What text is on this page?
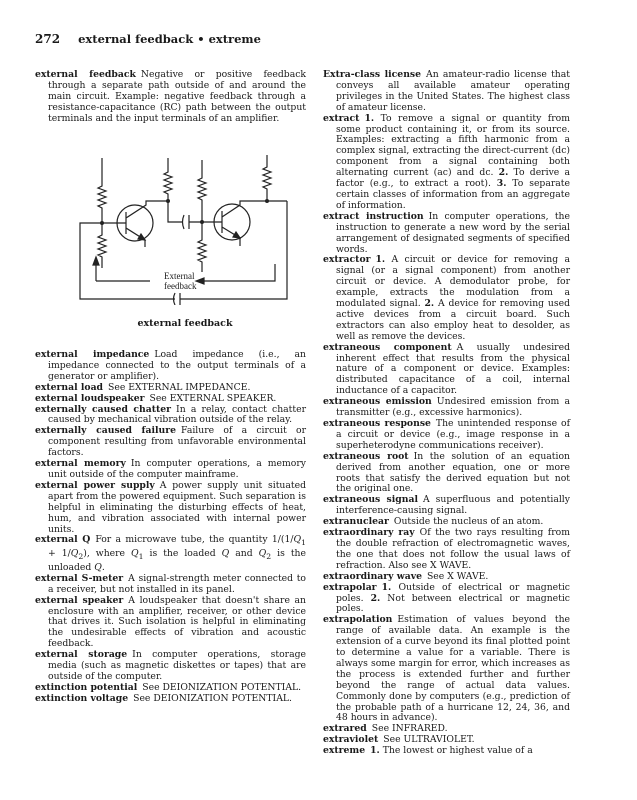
272 external feedback • extreme

external feedback Negative or positive feedback through a separate path outside of and around the main circuit. Example: negative feedback through a resistance-capacitance (RC) path between the output terminals and the input terminals of an amplifier.

External
feedback
external feedback

external impedance Load impedance (i.e., an impedance connected to the output terminals of a generator or amplifier).

external load See EXTERNAL IMPEDANCE.

external loudspeaker See EXTERNAL SPEAKER.

externally caused chatter In a relay, contact chatter caused by mechanical vibration outside of the relay.

externally caused failure Failure of a circuit or component resulting from unfavorable environmental factors.

external memory In computer operations, a memory unit outside of the computer mainframe.

external power supply A power supply unit situated apart from the powered equipment. Such separation is helpful in eliminating the disturbing effects of heat, hum, and vibration associated with internal power units.

external Q For a microwave tube, the quantity $1/(1/Q_1 + 1/Q_2)$, where $Q_1$ is the loaded Q and $Q_2$ is the unloaded Q.

external S-meter A signal-strength meter connected to a receiver, but not installed in its panel.

external speaker A loudspeaker that doesn't share an enclosure with an amplifier, receiver, or other device that drives it. Such isolation is helpful in eliminating the undesirable effects of vibration and acoustic feedback.

external storage In computer operations, storage media (such as magnetic diskettes or tapes) that are outside of the computer.

extinction potential See DEIONIZATION POTENTIAL.

extinction voltage See DEIONIZATION POTENTIAL.

Extra-class license An amateur-radio license that conveys all available amateur operating privileges in the United States. The highest class of amateur license.

extract 1. To remove a signal or quantity from some product containing it, or from its source. Examples: extracting a fifth harmonic from a complex signal, extracting the direct-current (dc) component from a signal containing both alternating current (ac) and dc. 2. To derive a factor (e.g., to extract a root). 3. To separate certain classes of information from an aggregate of information.

extract instruction In computer operations, the instruction to generate a new word by the serial arrangement of designated segments of specified words.

extractor 1. A circuit or device for removing a signal (or a signal component) from another circuit or device. A demodulator probe, for example, extracts the modulation from a modulated signal. 2. A device for removing used active devices from a circuit board. Such extractors can also employ heat to desolder, as well as remove the devices.

extraneous component A usually undesired inherent effect that results from the physical nature of a component or device. Examples: distributed capacitance of a coil, internal inductance of a capacitor.

extraneous emission Undesired emission from a transmitter (e.g., excessive harmonics).

extraneous response The unintended response of a circuit or device (e.g., image response in a superheterodyne communications receiver).

extraneous root In the solution of an equation derived from another equation, one or more roots that satisfy the derived equation but not the original one.

extraneous signal A superfluous and potentially interference-causing signal.

extranuclear Outside the nucleus of an atom.

extraordinary ray Of the two rays resulting from the double refraction of electromagnetic waves, the one that does not follow the usual laws of refraction. Also see X WAVE.

extraordinary wave See X WAVE.

extrapolar 1. Outside of electrical or magnetic poles. 2. Not between electrical or magnetic poles.

extrapolation Estimation of values beyond the range of available data. An example is the extension of a curve beyond its final plotted point to determine a value for a variable. There is always some margin for error, which increases as the process is extended further and further beyond the range of actual data values. Commonly done by computers (e.g., prediction of the probable path of a hurricane 12, 24, 36, and 48 hours in advance).

extrared See INFRARED.

extraviolet See ULTRAVIOLET.

extreme 1. The lowest or highest value of a
